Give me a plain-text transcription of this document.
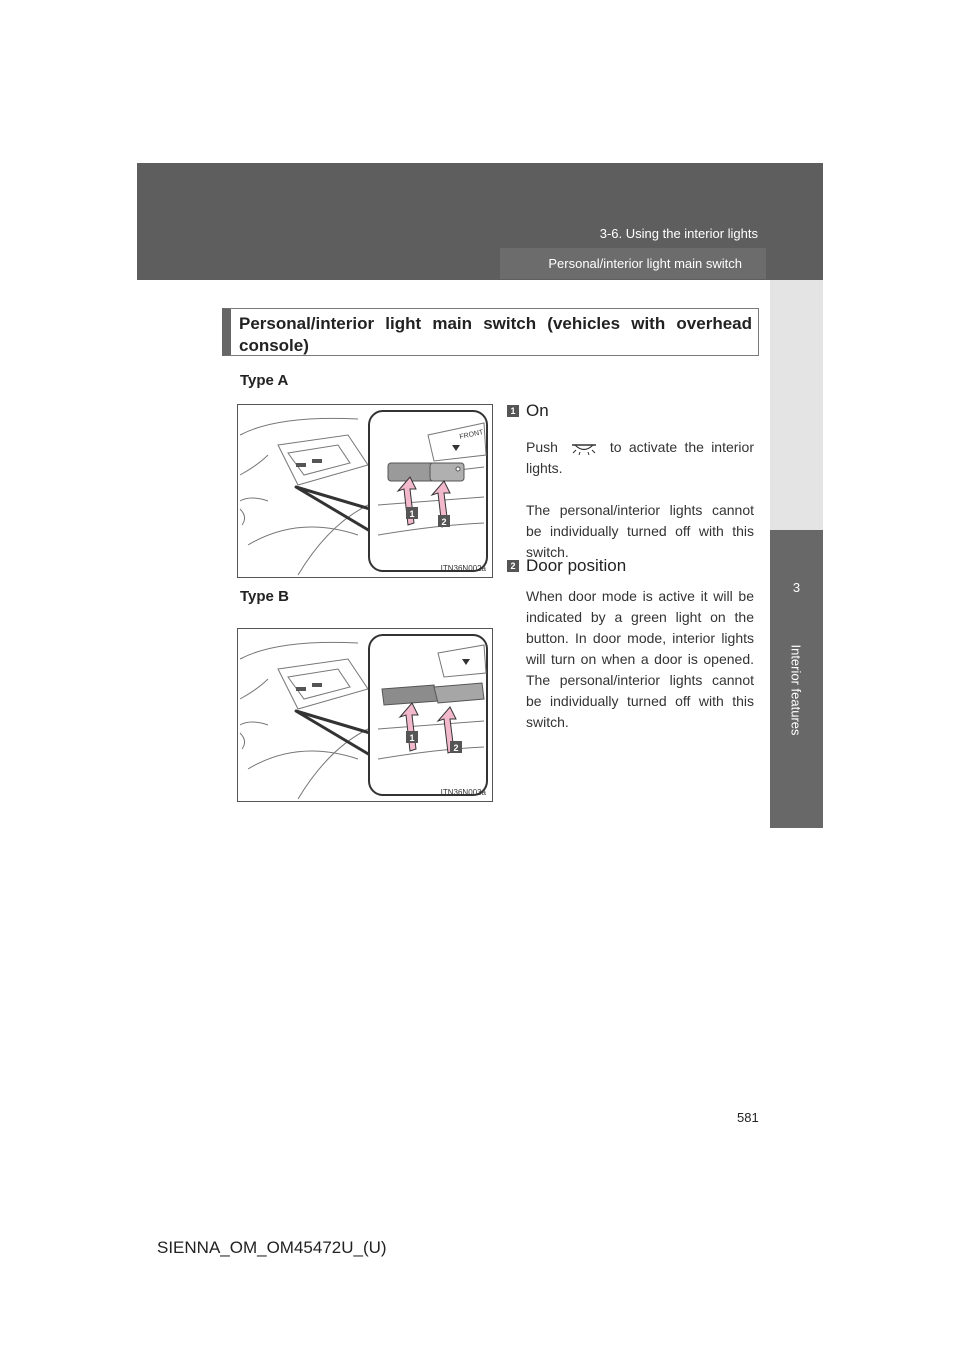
3-6. Using the interior lights
Personal/interior light main switch
3
Interior features
Personal/interior light main switch (vehicles with overhead console)
Type A
FRONT
1
2
ITN36N002a
Type B
1
2
ITN36N003a
1 On
Push	to activate the interior lights.
The personal/interior lights cannot be individually turned off with this switch.
2 Door position
When door mode is active it will be indicated by a green light on the button. In door mode, interior lights will turn on when a door is opened. The personal/interior lights cannot be individually turned off with this switch.
581
SIENNA_OM_OM45472U_(U)
